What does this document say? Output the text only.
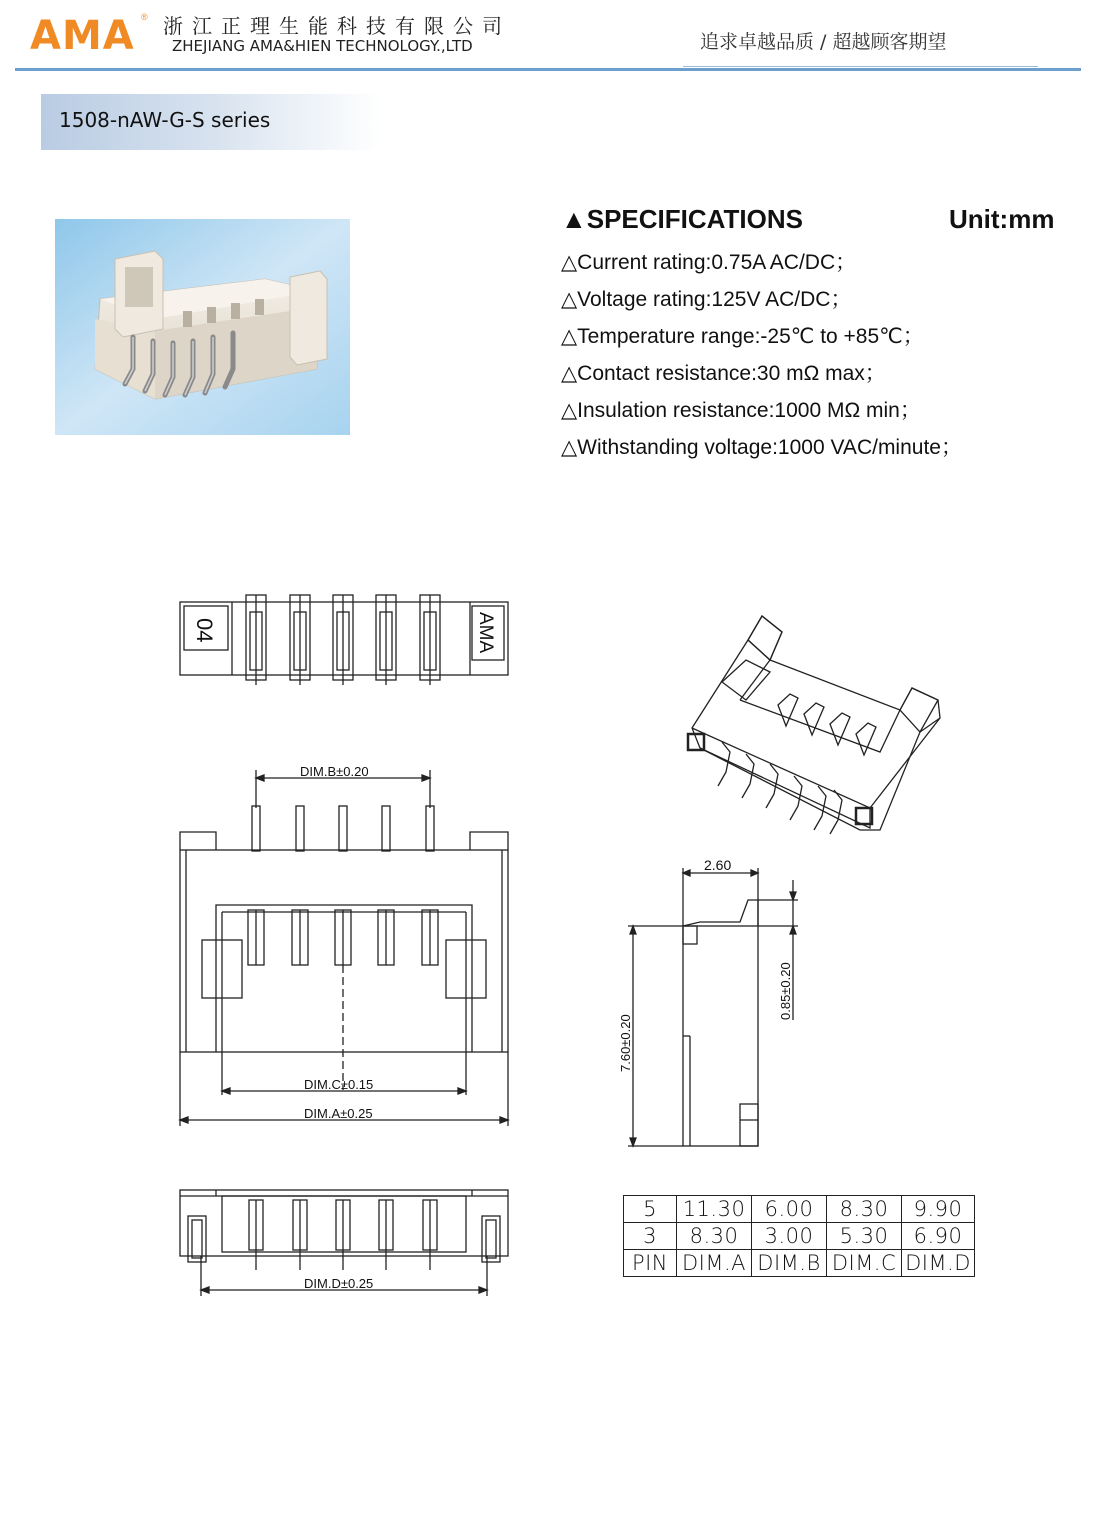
AMA ® 浙江正理生能科技有限公司
ZHEJIANG AMA&HIEN TECHNOLOGY.,LTD	追求卓越品质 / 超越顾客期望
1508-nAW-G-S series
▲SPECIFICATIONS	Unit:mm
△Current rating:0.75A AC/DC；
△Voltage rating:125V AC/DC；
△Temperature range:-25℃ to +85℃；
△Contact resistance:30 mΩ max；
△Insulation resistance:1000 MΩ min；
△Withstanding voltage:1000 VAC/minute；
04	AMA
DIM.B±0.20
DIM.C±0.15
DIM.A±0.25
DIM.D±0.25
2.60
7.60±0.20
0.85±0.20
5	11.30	6.00	8.30	9.90
3	8.30	3.00	5.30	6.90
PIN	DIM.A	DIM.B	DIM.C	DIM.D
